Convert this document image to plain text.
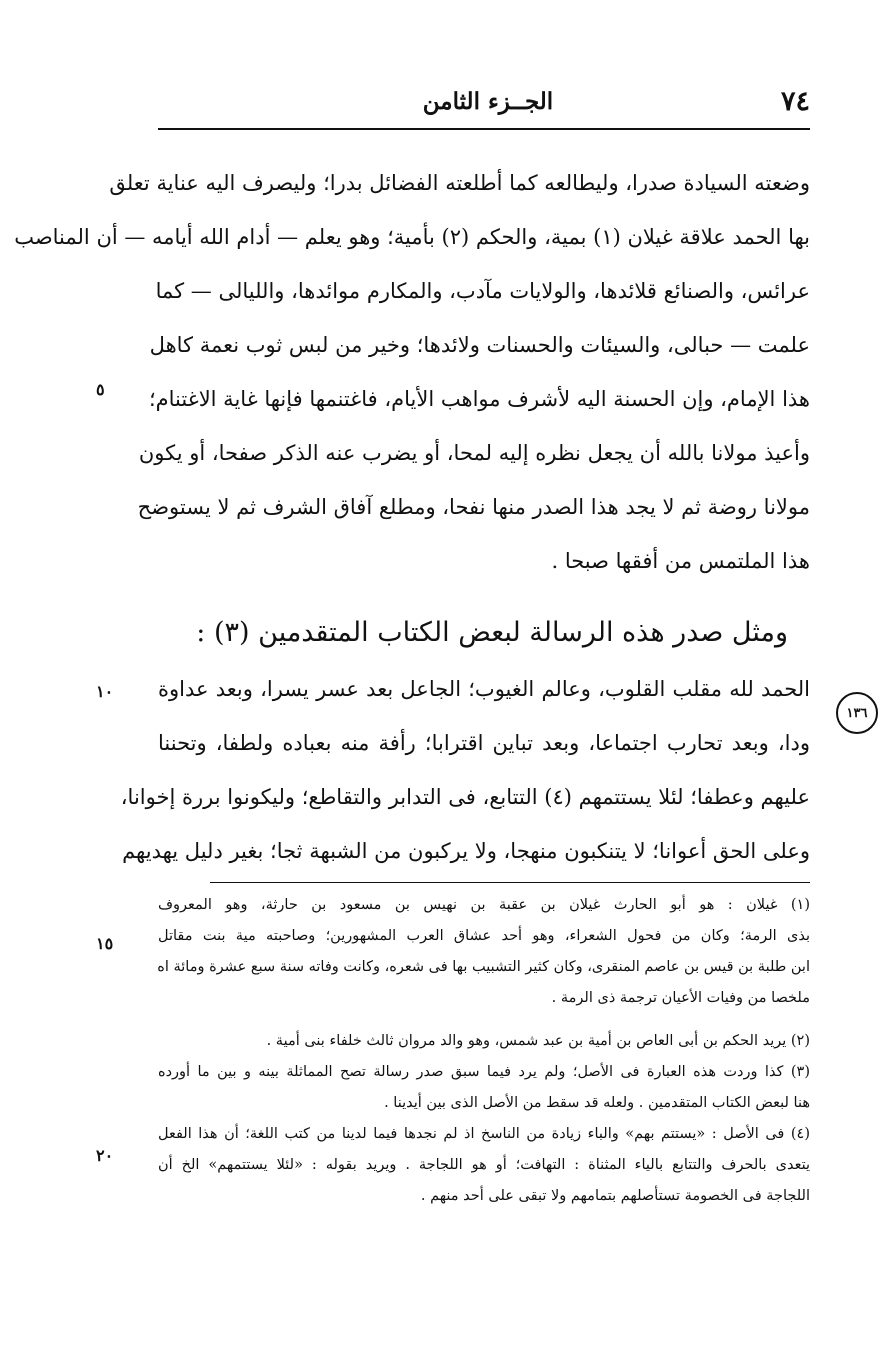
الجــزء الثامن	٧٤
وضعته السيادة صدرا، وليطالعه كما أطلعته الفضائل بدرا؛ وليصرف اليه عناية تعلق
بها الحمد علاقة غيلان (١) بمية، والحكم (٢) بأمية؛ وهو يعلم — أدام الله أيامه — أن المناصب
عرائس، والصنائع قلائدها، والولايات مآدب، والمكارم موائدها، والليالى — كما
علمت — حبالى، والسيئات والحسنات ولائدها؛ وخير من لبس ثوب نعمة كاهل
هذا الإمام، وإن الحسنة اليه لأشرف مواهب الأيام، فاغتنمها فإنها غاية الاغتنام؛
وأعيذ مولانا بالله أن يجعل نظره إليه لمحا، أو يضرب عنه الذكر صفحا، أو يكون
مولانا روضة ثم لا يجد هذا الصدر منها نفحا، ومطلع آفاق الشرف ثم لا يستوضح
هذا الملتمس من أفقها صبحا .
ومثل صدر هذه الرسالة لبعض الكتاب المتقدمين (٣) :
الحمد لله مقلب القلوب، وعالم الغيوب؛ الجاعل بعد عسر يسرا، وبعد عداوة
ودا، وبعد تحارب اجتماعا، وبعد تباين اقترابا؛ رأفة منه بعباده ولطفا، وتحننا
عليهم وعطفا؛ لئلا يستتمهم (٤) التتابع، فى التدابر والتقاطع؛ وليكونوا بررة إخوانا،
وعلى الحق أعوانا؛ لا يتنكبون منهجا، ولا يركبون من الشبهة ثجا؛ بغير دليل يهديهم
٥
١٠
١٥
٢٠
١٣٦
(١) غيلان : هو أبو الحارث غيلان بن عقبة بن نهيس بن مسعود بن حارثة، وهو المعروف
بذى الرمة؛ وكان من فحول الشعراء، وهو أحد عشاق العرب المشهورين؛ وصاحبته مية بنت مقاتل
ابن طلبة بن قيس بن عاصم المنقرى، وكان كثير التشبيب بها فى شعره، وكانت وفاته سنة سبع عشرة ومائة اه
ملخصا من وفيات الأعيان ترجمة ذى الرمة .
(٢) يريد الحكم بن أبى العاص بن أمية بن عبد شمس، وهو والد مروان ثالث خلفاء بنى أمية .
(٣) كذا وردت هذه العبارة فى الأصل؛ ولم يرد فيما سبق صدر رسالة تصح المماثلة بينه و بين ما أورده
هنا لبعض الكتاب المتقدمين . ولعله قد سقط من الأصل الذى بين أيدينا .
(٤) فى الأصل : «يستتم بهم» والباء زيادة من الناسخ اذ لم نجدها فيما لدينا من كتب اللغة؛ أن هذا الفعل
يتعدى بالحرف والتتابع بالياء المثناة : التهافت؛ أو هو اللجاجة . ويريد بقوله : «لئلا يستتمهم» الخ أن
اللجاجة فى الخصومة تستأصلهم بتمامهم ولا تبقى على أحد منهم .
